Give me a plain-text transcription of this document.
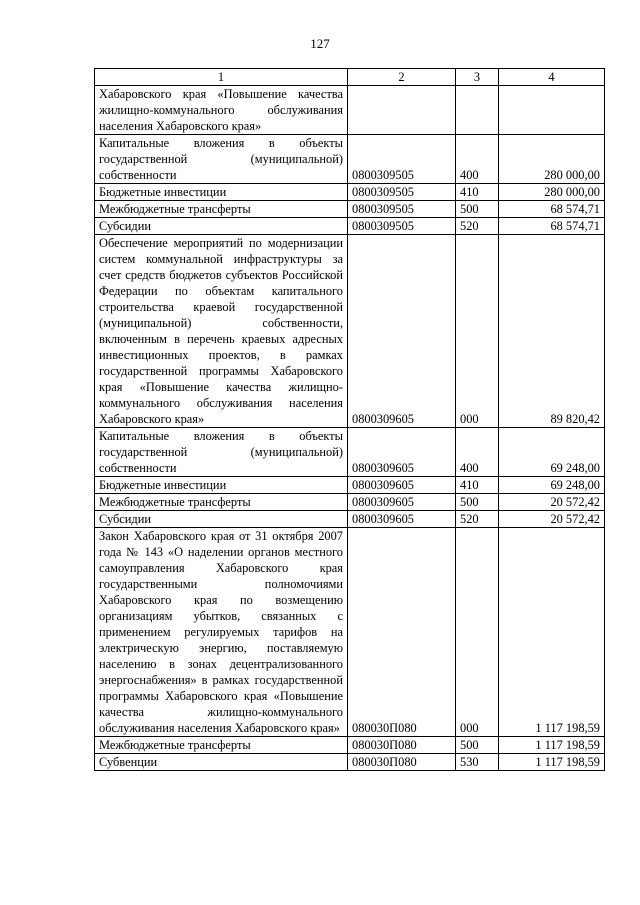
127
1	2	3	4
Хабаровского края «Повышение качества жилищно-коммунального обслуживания населения Хабаровского края»			
Капитальные вложения в объекты государственной (муниципальной) собственности	0800309505	400	280 000,00
Бюджетные инвестиции	0800309505	410	280 000,00
Межбюджетные трансферты	0800309505	500	68 574,71
Субсидии	0800309505	520	68 574,71
Обеспечение мероприятий по модернизации систем коммунальной инфраструктуры за счет средств бюджетов субъектов Российской Федерации по объектам капитального строительства краевой государственной (муниципальной) собственности, включенным в перечень краевых адресных инвестиционных проектов, в рамках государственной программы Хабаровского края «Повышение качества жилищно-коммунального обслуживания населения Хабаровского края»	0800309605	000	89 820,42
Капитальные вложения в объекты государственной (муниципальной) собственности	0800309605	400	69 248,00
Бюджетные инвестиции	0800309605	410	69 248,00
Межбюджетные трансферты	0800309605	500	20 572,42
Субсидии	0800309605	520	20 572,42
Закон Хабаровского края от 31 октября 2007 года № 143 «О наделении органов местного самоуправления Хабаровского края государственными полномочиями Хабаровского края по возмещению организациям убытков, связанных с применением регулируемых тарифов на электрическую энергию, поставляемую населению в зонах децентрализованного энергоснабжения» в рамках государственной программы Хабаровского края «Повышение качества жилищно-коммунального обслуживания населения Хабаровского края»	080030П080	000	1 117 198,59
Межбюджетные трансферты	080030П080	500	1 117 198,59
Субвенции	080030П080	530	1 117 198,59
